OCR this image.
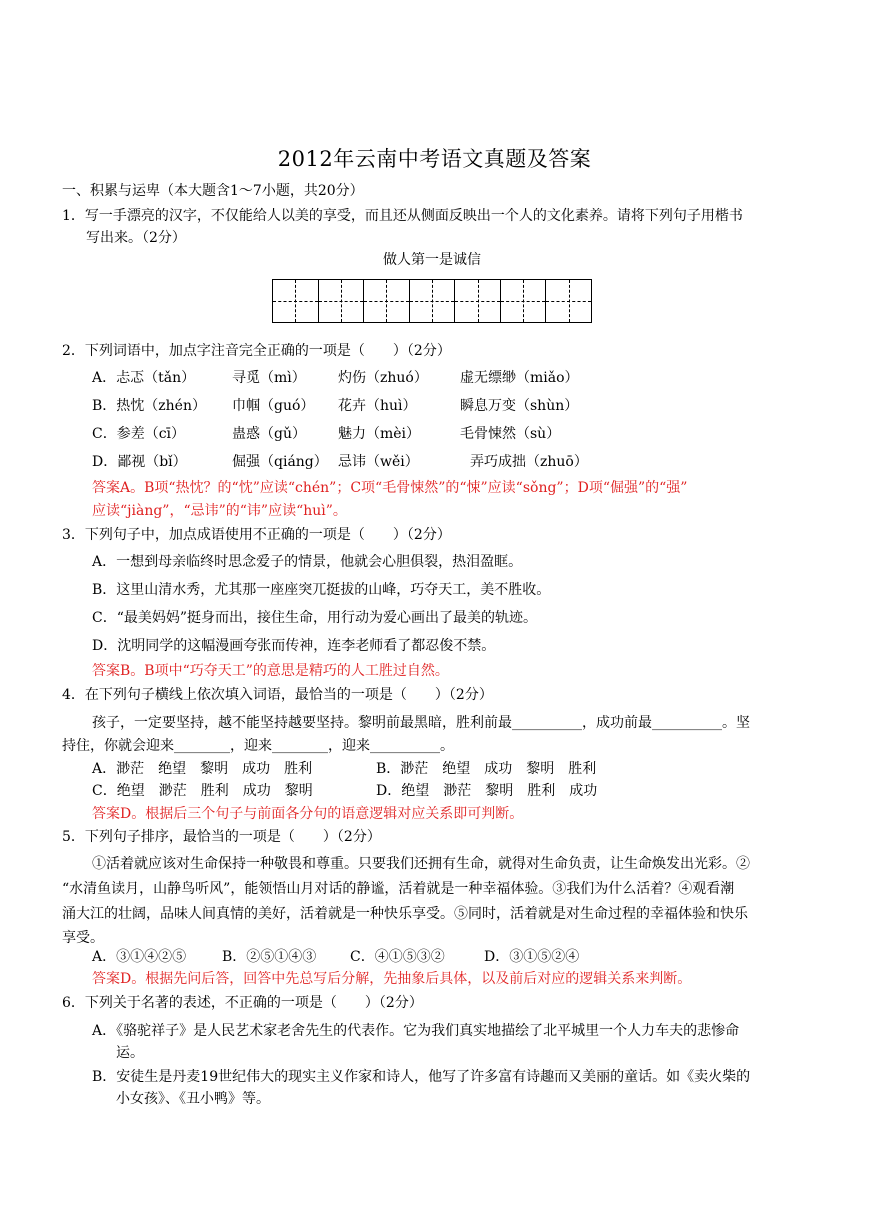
2012年云南中考语文真题及答案
一、积累与运卑（本大题含1～7小题，共20分）
1．写一手漂亮的汉字，不仅能给人以美的享受，而且还从侧面反映出一个人的文化素养。请将下列句子用楷书
写出来。（2分）
做人第一是诚信
2．下列词语中，加点字注音完全正确的一项是（　　）（2分）
A．忐忑（tǎn）	寻觅（mì） 灼伤（zhuó） 虚无缥缈（miǎo）
B．热忱（zhén） 巾帼（guó） 花卉（huì）	瞬息万变（shùn）
C．参差（cī）	蛊惑（gǔ） 魅力（mèi）	毛骨悚然（sù）
D．鄙视（bǐ）	倔强（qiáng） 忌讳（wěi）	弄巧成拙（zhuō）
答案A。B项“热忱？的“忱”应读“chén”；C项“毛骨悚然”的“悚”应读“sǒng”；D项“倔强”的“强”
应读“jiàng”，“忌讳”的“讳”应读“huì”。
3．下列句子中，加点成语使用不正确的一项是（　　）（2分）
A．一想到母亲临终时思念爱子的情景，他就会心胆俱裂，热泪盈眶。
B．这里山清水秀，尤其那一座座突兀挺拔的山峰，巧夺天工，美不胜收。
C．“最美妈妈”挺身而出，接住生命，用行动为爱心画出了最美的轨迹。
D．沈明同学的这幅漫画夸张而传神，连李老师看了都忍俊不禁。
答案B。B项中“巧夺天工”的意思是精巧的人工胜过自然。
4．在下列句子横线上依次填入词语，最恰当的一项是（　　）（2分）
孩子，一定要坚持，越不能坚持越要坚持。黎明前最黑暗，胜利前最__________，成功前最__________。坚
持住，你就会迎来________，迎来________，迎来__________。
A．渺茫　绝望　黎明　成功　胜利	B．渺茫　绝望　成功　黎明　胜利
C．绝望　渺茫　胜利　成功　黎明	D．绝望　渺茫　黎明　胜利　成功
答案D。根据后三个句子与前面各分句的语意逻辑对应关系即可判断。
5．下列句子排序，最恰当的一项是（　　）（2分）
①活着就应该对生命保持一种敬畏和尊重。只要我们还拥有生命，就得对生命负责，让生命焕发出光彩。②
“水清鱼读月，山静鸟听风”，能领悟山月对话的静谧，活着就是一种幸福体验。③我们为什么活着？④观看潮
涌大江的壮阔，品味人间真情的美好，活着就是一种快乐享受。⑤同时，活着就是对生命过程的幸福体验和快乐
享受。
A．③①④②⑤	B．②⑤①④③ C．④①⑤③②	D．③①⑤②④
答案D。根据先问后答，回答中先总写后分解，先抽象后具体，以及前后对应的逻辑关系来判断。
6．下列关于名著的表述，不正确的一项是（　　）（2分）
A．《骆驼祥子》是人民艺术家老舍先生的代表作。它为我们真实地描绘了北平城里一个人力车夫的悲惨命
运。
B．安徒生是丹麦19世纪伟大的现实主义作家和诗人，他写了许多富有诗趣而又美丽的童话。如《卖火柴的
小女孩》、《丑小鸭》等。
